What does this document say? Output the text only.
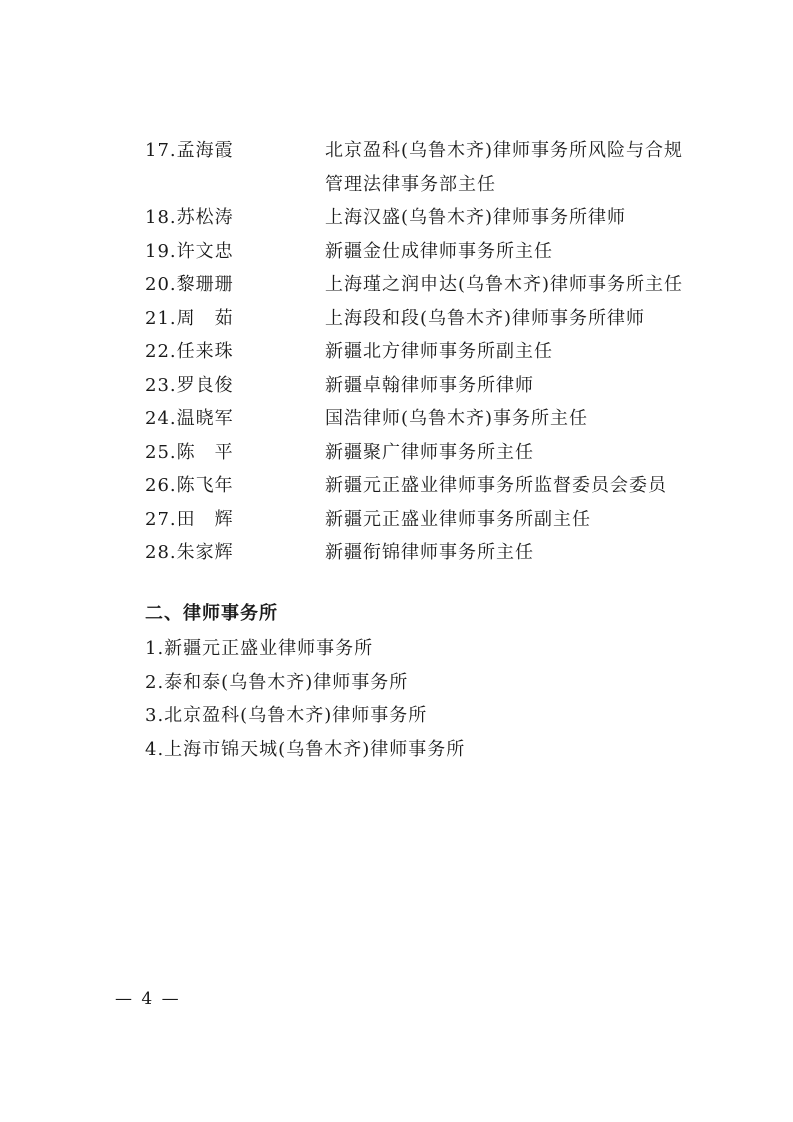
17.孟海霞	北京盈科(乌鲁木齐)律师事务所风险与合规管理法律事务部主任
18.苏松涛	上海汉盛(乌鲁木齐)律师事务所律师
19.许文忠	新疆金仕成律师事务所主任
20.黎珊珊	上海瑾之润申达(乌鲁木齐)律师事务所主任
21.周　茹	上海段和段(乌鲁木齐)律师事务所律师
22.任来珠	新疆北方律师事务所副主任
23.罗良俊	新疆卓翰律师事务所律师
24.温晓军	国浩律师(乌鲁木齐)事务所主任
25.陈　平	新疆聚广律师事务所主任
26.陈飞年	新疆元正盛业律师事务所监督委员会委员
27.田　辉	新疆元正盛业律师事务所副主任
28.朱家辉	新疆衔锦律师事务所主任
二、律师事务所
1.新疆元正盛业律师事务所
2.泰和泰(乌鲁木齐)律师事务所
3.北京盈科(乌鲁木齐)律师事务所
4.上海市锦天城(乌鲁木齐)律师事务所
— 4 —
